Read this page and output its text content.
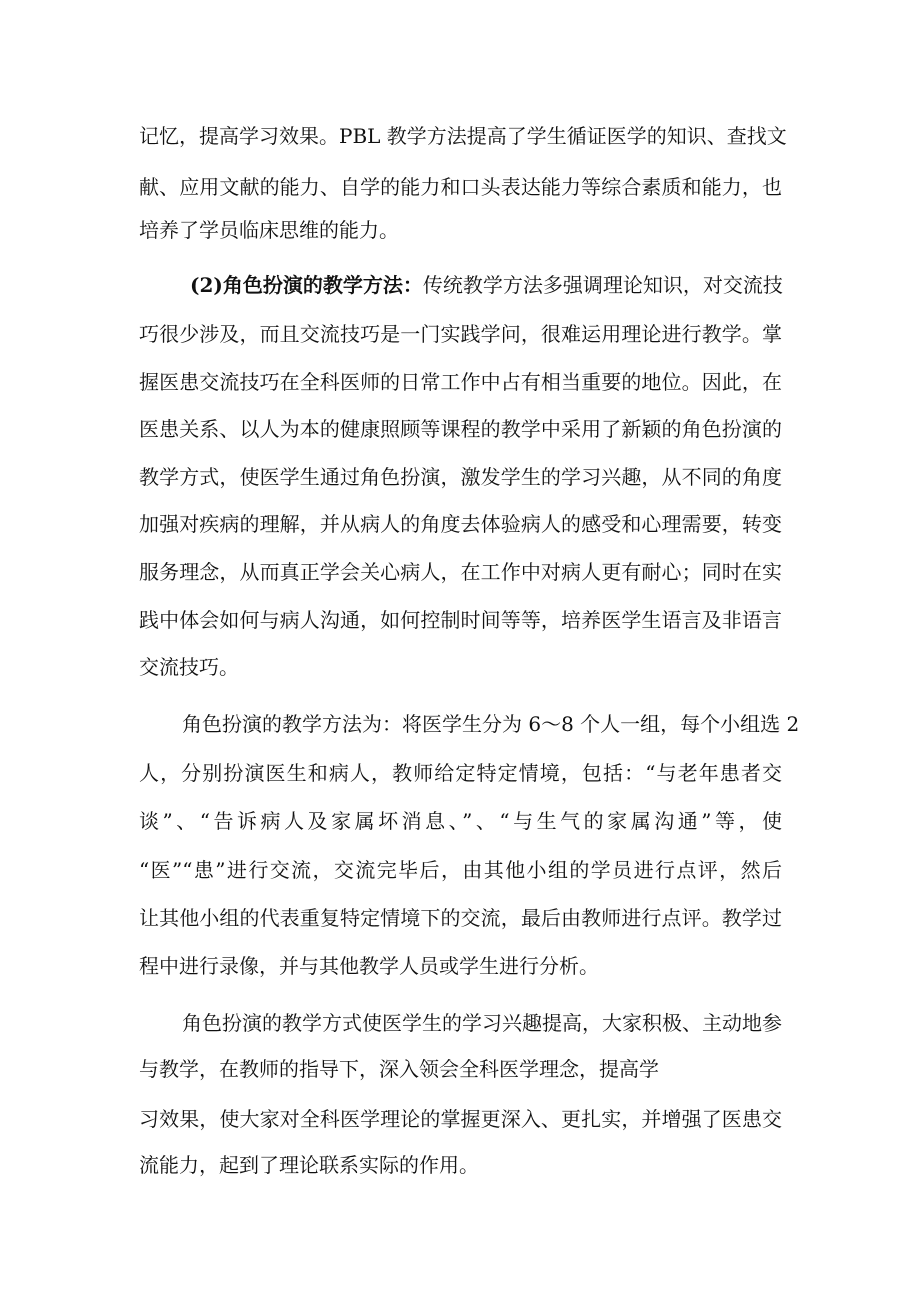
记忆，提高学习效果。PBL 教学方法提高了学生循证医学的知识、查找文

献、应用文献的能力、自学的能力和口头表达能力等综合素质和能力，也

培养了学员临床思维的能力。

(2)角色扮演的教学方法：传统教学方法多强调理论知识，对交流技

巧很少涉及，而且交流技巧是一门实践学问，很难运用理论进行教学。掌

握医患交流技巧在全科医师的日常工作中占有相当重要的地位。因此，在

医患关系、以人为本的健康照顾等课程的教学中采用了新颖的角色扮演的

教学方式，使医学生通过角色扮演，激发学生的学习兴趣，从不同的角度

加强对疾病的理解，并从病人的角度去体验病人的感受和心理需要，转变

服务理念，从而真正学会关心病人，在工作中对病人更有耐心；同时在实

践中体会如何与病人沟通，如何控制时间等等，培养医学生语言及非语言

交流技巧。

角色扮演的教学方法为：将医学生分为 6～8 个人一组，每个小组选 2

人，分别扮演医生和病人，教师给定特定情境，包括：“与老年患者交

谈”、“告诉病人及家属坏消息、”、“与生气的家属沟通”等，使

“医”“患”进行交流，交流完毕后，由其他小组的学员进行点评，然后

让其他小组的代表重复特定情境下的交流，最后由教师进行点评。教学过

程中进行录像，并与其他教学人员或学生进行分析。

角色扮演的教学方式使医学生的学习兴趣提高，大家积极、主动地参

与教学，在教师的指导下，深入领会全科医学理念，提高学

习效果，使大家对全科医学理论的掌握更深入、更扎实，并增强了医患交

流能力，起到了理论联系实际的作用。
